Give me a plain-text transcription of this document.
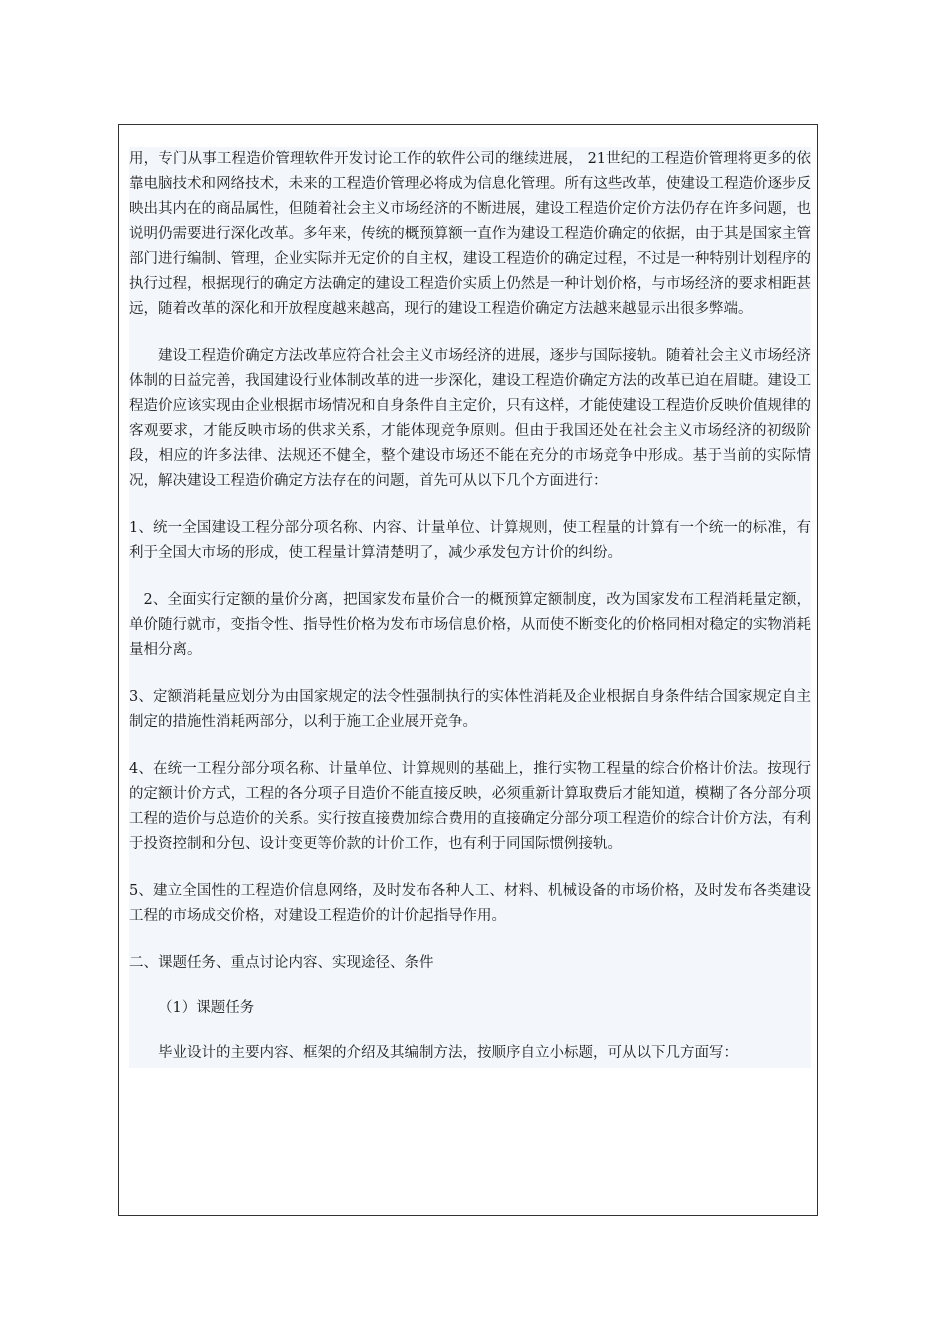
用，专门从事工程造价管理软件开发讨论工作的软件公司的继续进展， 21世纪的工程造价管理将更多的依靠电脑技术和网络技术，未来的工程造价管理必将成为信息化管理。所有这些改革，使建设工程造价逐步反映出其内在的商品属性，但随着社会主义市场经济的不断进展，建设工程造价定价方法仍存在许多问题，也说明仍需要进行深化改革。多年来，传统的概预算额一直作为建设工程造价确定的依据，由于其是国家主管部门进行编制、管理，企业实际并无定价的自主权，建设工程造价的确定过程，不过是一种特别计划程序的执行过程，根据现行的确定方法确定的建设工程造价实质上仍然是一种计划价格，与市场经济的要求相距甚远，随着改革的深化和开放程度越来越高，现行的建设工程造价确定方法越来越显示出很多弊端。

建设工程造价确定方法改革应符合社会主义市场经济的进展，逐步与国际接轨。随着社会主义市场经济体制的日益完善，我国建设行业体制改革的进一步深化，建设工程造价确定方法的改革已迫在眉睫。建设工程造价应该实现由企业根据市场情况和自身条件自主定价，只有这样，才能使建设工程造价反映价值规律的客观要求，才能反映市场的供求关系，才能体现竞争原则。但由于我国还处在社会主义市场经济的初级阶段，相应的许多法律、法规还不健全，整个建设市场还不能在充分的市场竞争中形成。基于当前的实际情况，解决建设工程造价确定方法存在的问题，首先可从以下几个方面进行：

1、统一全国建设工程分部分项名称、内容、计量单位、计算规则，使工程量的计算有一个统一的标准，有利于全国大市场的形成，使工程量计算清楚明了，减少承发包方计价的纠纷。

2、全面实行定额的量价分离，把国家发布量价合一的概预算定额制度，改为国家发布工程消耗量定额，单价随行就市，变指令性、指导性价格为发布市场信息价格，从而使不断变化的价格同相对稳定的实物消耗量相分离。

3、定额消耗量应划分为由国家规定的法令性强制执行的实体性消耗及企业根据自身条件结合国家规定自主制定的措施性消耗两部分，以利于施工企业展开竞争。

4、在统一工程分部分项名称、计量单位、计算规则的基础上，推行实物工程量的综合价格计价法。按现行的定额计价方式，工程的各分项子目造价不能直接反映，必须重新计算取费后才能知道，模糊了各分部分项工程的造价与总造价的关系。实行按直接费加综合费用的直接确定分部分项工程造价的综合计价方法，有利于投资控制和分包、设计变更等价款的计价工作，也有利于同国际惯例接轨。

5、建立全国性的工程造价信息网络，及时发布各种人工、材料、机械设备的市场价格，及时发布各类建设工程的市场成交价格，对建设工程造价的计价起指导作用。

二、课题任务、重点讨论内容、实现途径、条件

（1）课题任务

毕业设计的主要内容、框架的介绍及其编制方法，按顺序自立小标题，可从以下几方面写：
